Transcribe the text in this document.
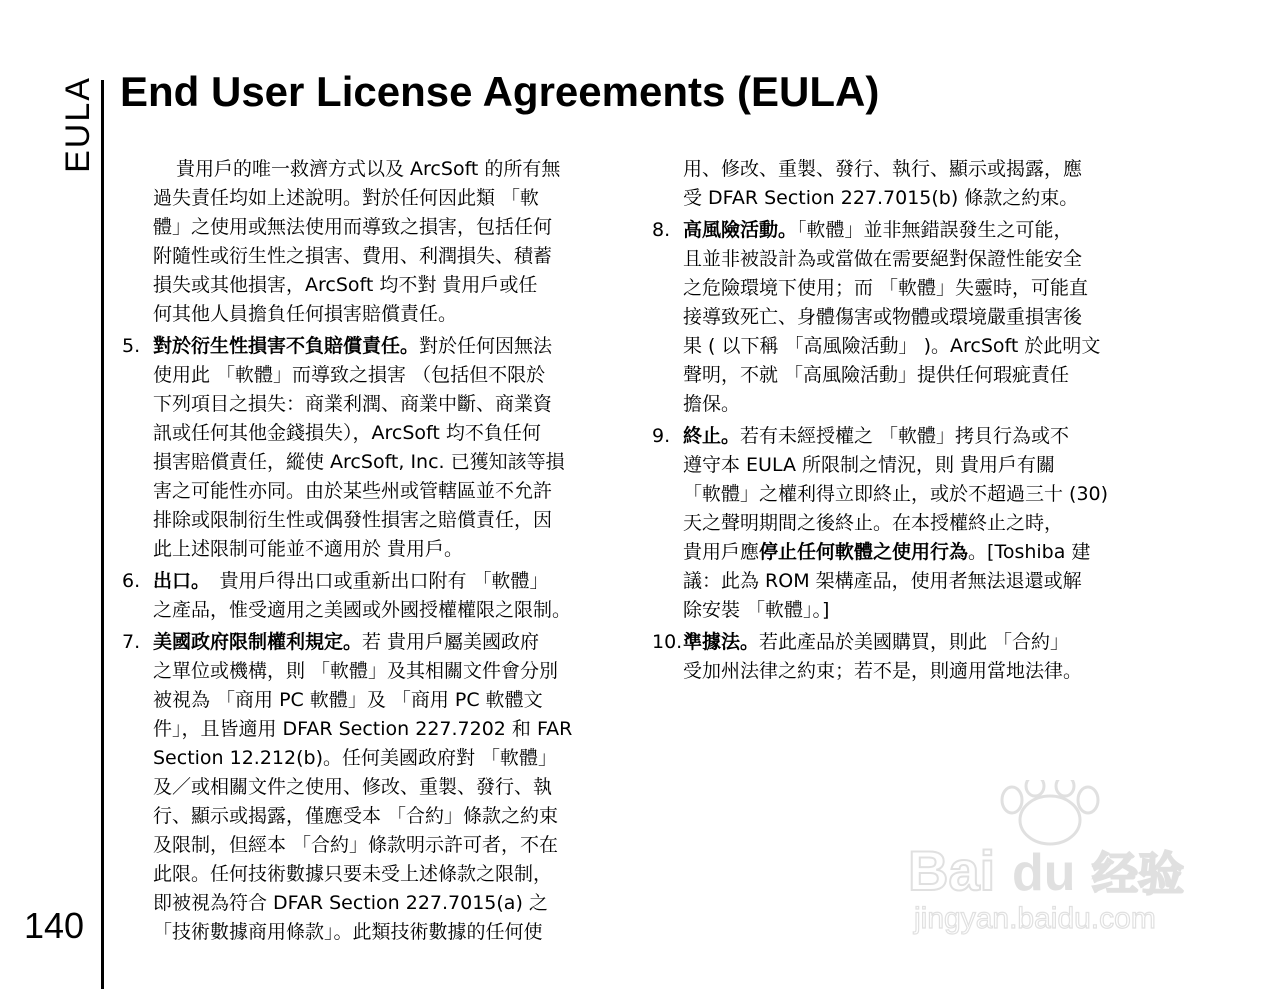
EULA
140
End User License Agreements (EULA)
貴用戶的唯一救濟方式以及 ArcSoft 的所有無
過失責任均如上述說明。對於任何因此類 「軟
體」之使用或無法使用而導致之損害，包括任何
附隨性或衍生性之損害、費用、利潤損失、積蓄
損失或其他損害，ArcSoft 均不對 貴用戶或任
何其他人員擔負任何損害賠償責任。
5. 對於衍生性損害不負賠償責任。對於任何因無法
使用此 「軟體」而導致之損害 （包括但不限於
下列項目之損失：商業利潤、商業中斷、商業資
訊或任何其他金錢損失），ArcSoft 均不負任何
損害賠償責任，縱使 ArcSoft, Inc. 已獲知該等損
害之可能性亦同。由於某些州或管轄區並不允許
排除或限制衍生性或偶發性損害之賠償責任，因
此上述限制可能並不適用於 貴用戶。
6. 出口。　貴用戶得出口或重新出口附有 「軟體」
之產品，惟受適用之美國或外國授權權限之限制。
7. 美國政府限制權利規定。若 貴用戶屬美國政府
之單位或機構，則 「軟體」及其相關文件會分別
被視為 「商用 PC 軟體」及 「商用 PC 軟體文
件」，且皆適用 DFAR Section 227.7202 和 FAR
Section 12.212(b)。任何美國政府對 「軟體」
及／或相關文件之使用、修改、重製、發行、執
行、顯示或揭露，僅應受本 「合約」條款之約束
及限制，但經本 「合約」條款明示許可者，不在
此限。任何技術數據只要未受上述條款之限制，
即被視為符合 DFAR Section 227.7015(a) 之
「技術數據商用條款」。此類技術數據的任何使
用、修改、重製、發行、執行、顯示或揭露，應
受 DFAR Section 227.7015(b) 條款之約束。
8. 高風險活動。「軟體」並非無錯誤發生之可能，
且並非被設計為或當做在需要絕對保證性能安全
之危險環境下使用；而 「軟體」失靈時，可能直
接導致死亡、身體傷害或物體或環境嚴重損害後
果 ( 以下稱 「高風險活動」 )。ArcSoft 於此明文
聲明，不就 「高風險活動」提供任何瑕疵責任
擔保。
9. 終止。若有未經授權之 「軟體」拷貝行為或不
遵守本 EULA 所限制之情況，則 貴用戶有關
「軟體」之權利得立即終止，或於不超過三十 (30)
天之聲明期間之後終止。在本授權終止之時，
貴用戶應停止任何軟體之使用行為。[Toshiba 建
議：此為 ROM 架構產品，使用者無法退還或解
除安裝 「軟體」。]
10. 準據法。若此產品於美國購買，則此 「合約」
受加州法律之約束；若不是，則適用當地法律。
Bai du 经验
jingyan.baidu.com
